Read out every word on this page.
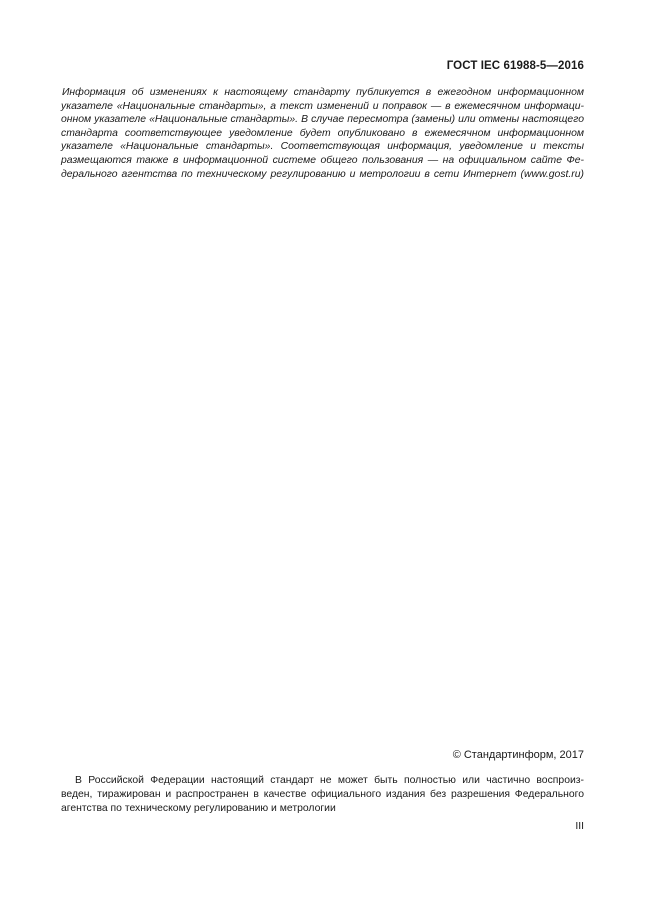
ГОСТ IEC 61988-5—2016
Информация об изменениях к настоящему стандарту публикуется в ежегодном информационном
указателе «Национальные стандарты», а текст изменений и поправок — в ежемесячном информаци-
онном указателе «Национальные стандарты». В случае пересмотра (замены) или отмены настоящего
стандарта соответствующее уведомление будет опубликовано в ежемесячном информационном
указателе «Национальные стандарты». Соответствующая информация, уведомление и тексты
размещаются также в информационной системе общего пользования — на официальном сайте Фе-
дерального агентства по техническому регулированию и метрологии в сети Интернет (www.gost.ru)
© Стандартинформ, 2017
В Российской Федерации настоящий стандарт не может быть полностью или частично воспроиз-
веден, тиражирован и распространен в качестве официального издания без разрешения Федерального
агентства по техническому регулированию и метрологии
III
